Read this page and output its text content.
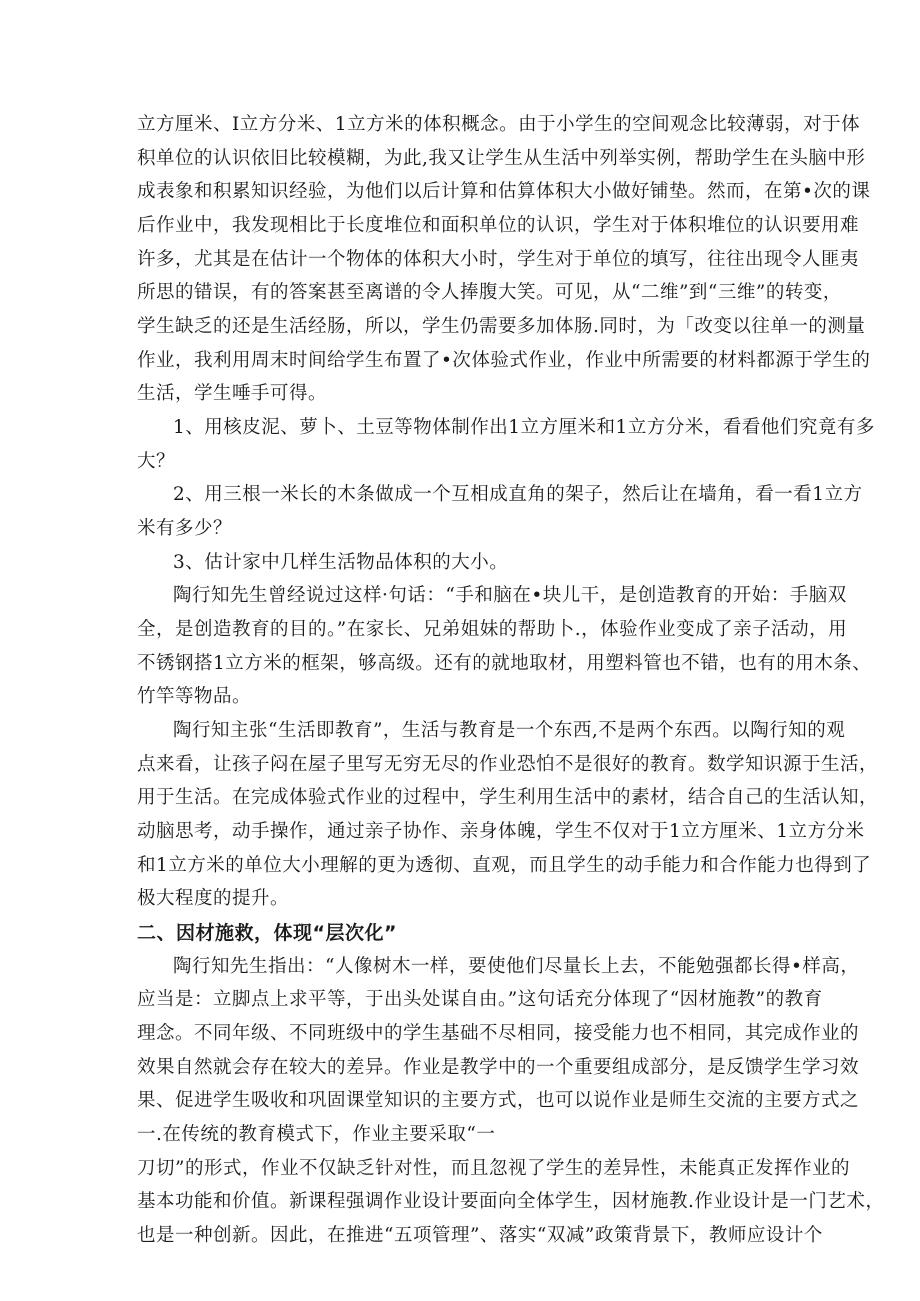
立方厘米、I立方分米、1立方米的体积概念。由于小学生的空间观念比较薄弱，对于体
积单位的认识依旧比较模糊，为此,我又让学生从生活中列举实例，帮助学生在头脑中形
成表象和积累知识经验，为他们以后计算和估算体积大小做好铺垫。然而，在第•次的课
后作业中，我发现相比于长度堆位和面积单位的认识，学生对于体积堆位的认识要用难
许多，尤其是在估计一个物体的体积大小时，学生对于单位的填写，往往出现令人匪夷
所思的错误，有的答案甚至离谱的令人捧腹大笑。可见，从“二维”到“三维”的转变，
学生缺乏的还是生活经肠，所以，学生仍需要多加体肠.同时，为「改变以往单一的测量
作业，我利用周末时间给学生布置了•次体验式作业，作业中所需要的材料都源于学生的
生活，学生唾手可得。
1、用核皮泥、萝卜、土豆等物体制作出1立方厘米和1立方分米，看看他们究竟有多
大？
2、用三根一米长的木条做成一个互相成直角的架子，然后让在墙角，看一看1立方
米有多少？
3、估计家中几样生活物品体积的大小。
陶行知先生曾经说过这样·句话：“手和脑在•块儿干，是创造教育的开始：手脑双
全，是创造教育的目的。”在家长、兄弟姐妹的帮助卜.，体验作业变成了亲子活动，用
不锈钢搭1立方米的框架，够高级。还有的就地取材，用塑料管也不错，也有的用木条、
竹竿等物品。
陶行知主张“生活即教育”，生活与教育是一个东西,不是两个东西。以陶行知的观
点来看，让孩子闷在屋子里写无穷无尽的作业恐怕不是很好的教育。数学知识源于生活，
用于生活。在完成体验式作业的过程中，学生利用生活中的素材，结合自己的生活认知，
动脑思考，动手操作，通过亲子协作、亲身体魄，学生不仅对于1立方厘米、1立方分米
和1立方米的单位大小理解的更为透彻、直观，而且学生的动手能力和合作能力也得到了
极大程度的提升。
二、因材施救，体现“层次化”
陶行知先生指出：“人像树木一样，要使他们尽量长上去，不能勉强都长得•样高，
应当是：立脚点上求平等，于出头处谋自由。”这句话充分体现了“因材施教”的教育
理念。不同年级、不同班级中的学生基础不尽相同，接受能力也不相同，其完成作业的
效果自然就会存在较大的差异。作业是教学中的一个重要组成部分，是反馈学生学习效
果、促进学生吸收和巩固课堂知识的主要方式，也可以说作业是师生交流的主要方式之
一.在传统的教育模式下，作业主要采取“一
刀切”的形式，作业不仅缺乏针对性，而且忽视了学生的差异性，未能真正发挥作业的
基本功能和价值。新课程强调作业设计要面向全体学生，因材施教.作业设计是一门艺术，
也是一种创新。因此，在推进“五项管理”、落实“双减”政策背景下，教师应设计个
